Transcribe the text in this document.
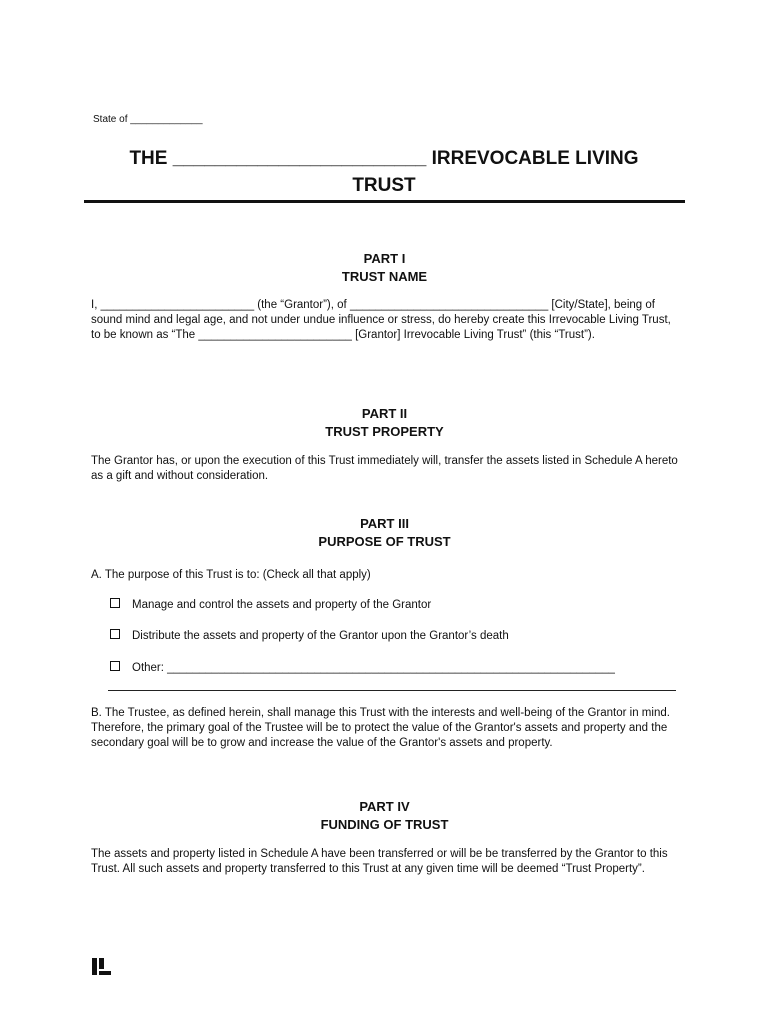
State of _____________
THE ________________________ IRREVOCABLE LIVING
TRUST
PART I
TRUST NAME
I, ________________________ (the “Grantor”), of _______________________________ [City/State], being of sound mind and legal age, and not under undue influence or stress, do hereby create this Irrevocable Living Trust, to be known as “The ________________________ [Grantor] Irrevocable Living Trust” (this “Trust”).
PART II
TRUST PROPERTY
The Grantor has, or upon the execution of this Trust immediately will, transfer the assets listed in Schedule A hereto as a gift and without consideration.
PART III
PURPOSE OF TRUST
A. The purpose of this Trust is to: (Check all that apply)
Manage and control the assets and property of the Grantor
Distribute the assets and property of the Grantor upon the Grantor’s death
Other: ______________________________________________________________________
B. The Trustee, as defined herein, shall manage this Trust with the interests and well-being of the Grantor in mind. Therefore, the primary goal of the Trustee will be to protect the value of the Grantor's assets and property and the secondary goal will be to grow and increase the value of the Grantor's assets and property.
PART IV
FUNDING OF TRUST
The assets and property listed in Schedule A have been transferred or will be be transferred by the Grantor to this Trust. All such assets and property transferred to this Trust at any given time will be deemed “Trust Property”.
